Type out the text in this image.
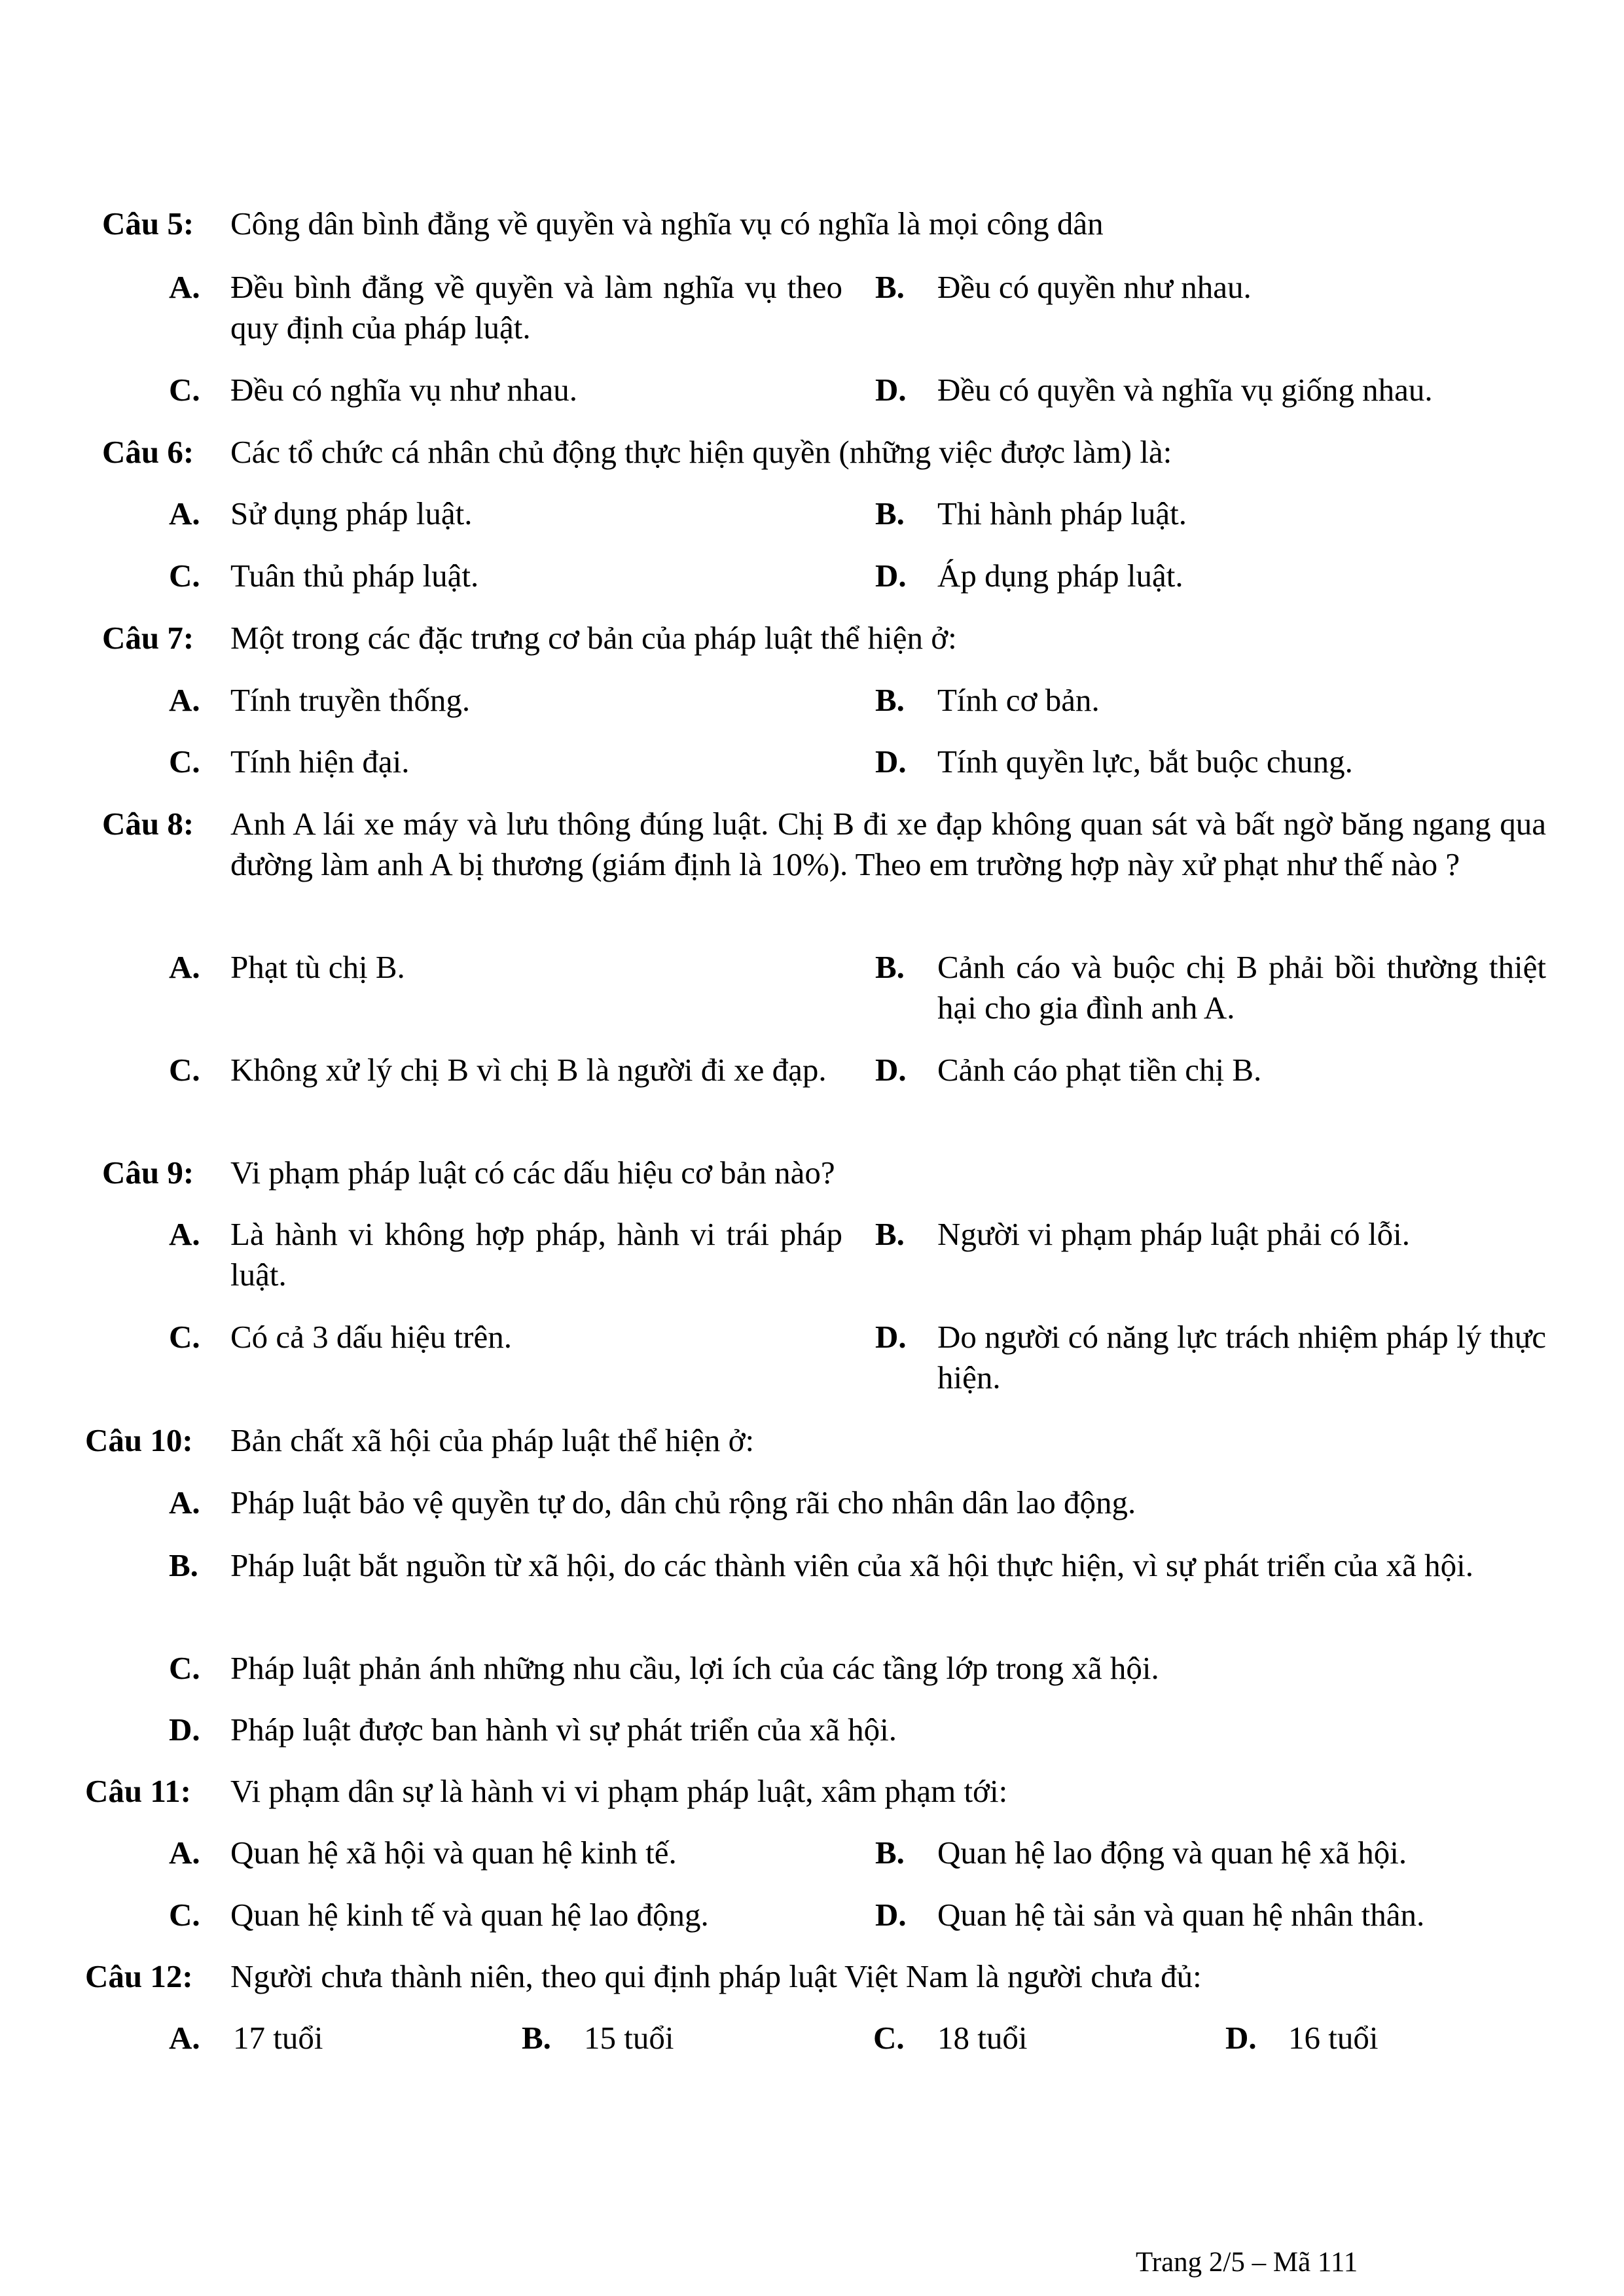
Câu 5: Công dân bình đẳng về quyền và nghĩa vụ có nghĩa là mọi công dân
A. Đều bình đẳng về quyền và làm nghĩa vụ theo quy định của pháp luật.
B. Đều có quyền như nhau.
C. Đều có nghĩa vụ như nhau.	D. Đều có quyền và nghĩa vụ giống nhau.
Câu 6: Các tổ chức cá nhân chủ động thực hiện quyền (những việc được làm) là:
A. Sử dụng pháp luật.	B. Thi hành pháp luật.
C. Tuân thủ pháp luật.	D. Áp dụng pháp luật.
Câu 7: Một trong các đặc trưng cơ bản của pháp luật thể hiện ở:
A. Tính truyền thống.	B. Tính cơ bản.
C. Tính hiện đại.	D. Tính quyền lực, bắt buộc chung.
Câu 8: Anh A lái xe máy và lưu thông đúng luật. Chị B đi xe đạp không quan sát và bất ngờ băng ngang qua đường làm anh A bị thương (giám định là 10%). Theo em trường hợp này xử phạt như thế nào ?
A. Phạt tù chị B.	B. Cảnh cáo và buộc chị B phải bồi thường thiệt hại cho gia đình anh A.
C. Không xử lý chị B vì chị B là người đi xe đạp.	D. Cảnh cáo phạt tiền chị B.
Câu 9: Vi phạm pháp luật có các dấu hiệu cơ bản nào?
A. Là hành vi không hợp pháp, hành vi trái pháp luật.
B. Người vi phạm pháp luật phải có lỗi.
C. Có cả 3 dấu hiệu trên.	D. Do người có năng lực trách nhiệm pháp lý thực hiện.
Câu 10: Bản chất xã hội của pháp luật thể hiện ở:
A. Pháp luật bảo vệ quyền tự do, dân chủ rộng rãi cho nhân dân lao động.
B. Pháp luật bắt nguồn từ xã hội, do các thành viên của xã hội thực hiện, vì sự phát triển của xã hội.
C. Pháp luật phản ánh những nhu cầu, lợi ích của các tầng lớp trong xã hội.
D. Pháp luật được ban hành vì sự phát triển của xã hội.
Câu 11: Vi phạm dân sự là hành vi vi phạm pháp luật, xâm phạm tới:
A. Quan hệ xã hội và quan hệ kinh tế.	B. Quan hệ lao động và quan hệ xã hội.
C. Quan hệ kinh tế và quan hệ lao động.	D. Quan hệ tài sản và quan hệ nhân thân.
Câu 12: Người chưa thành niên, theo qui định pháp luật Việt Nam là người chưa đủ:
A. 17 tuổi	B. 15 tuổi	C. 18 tuổi	D. 16 tuổi
Trang 2/5 – Mã 111
